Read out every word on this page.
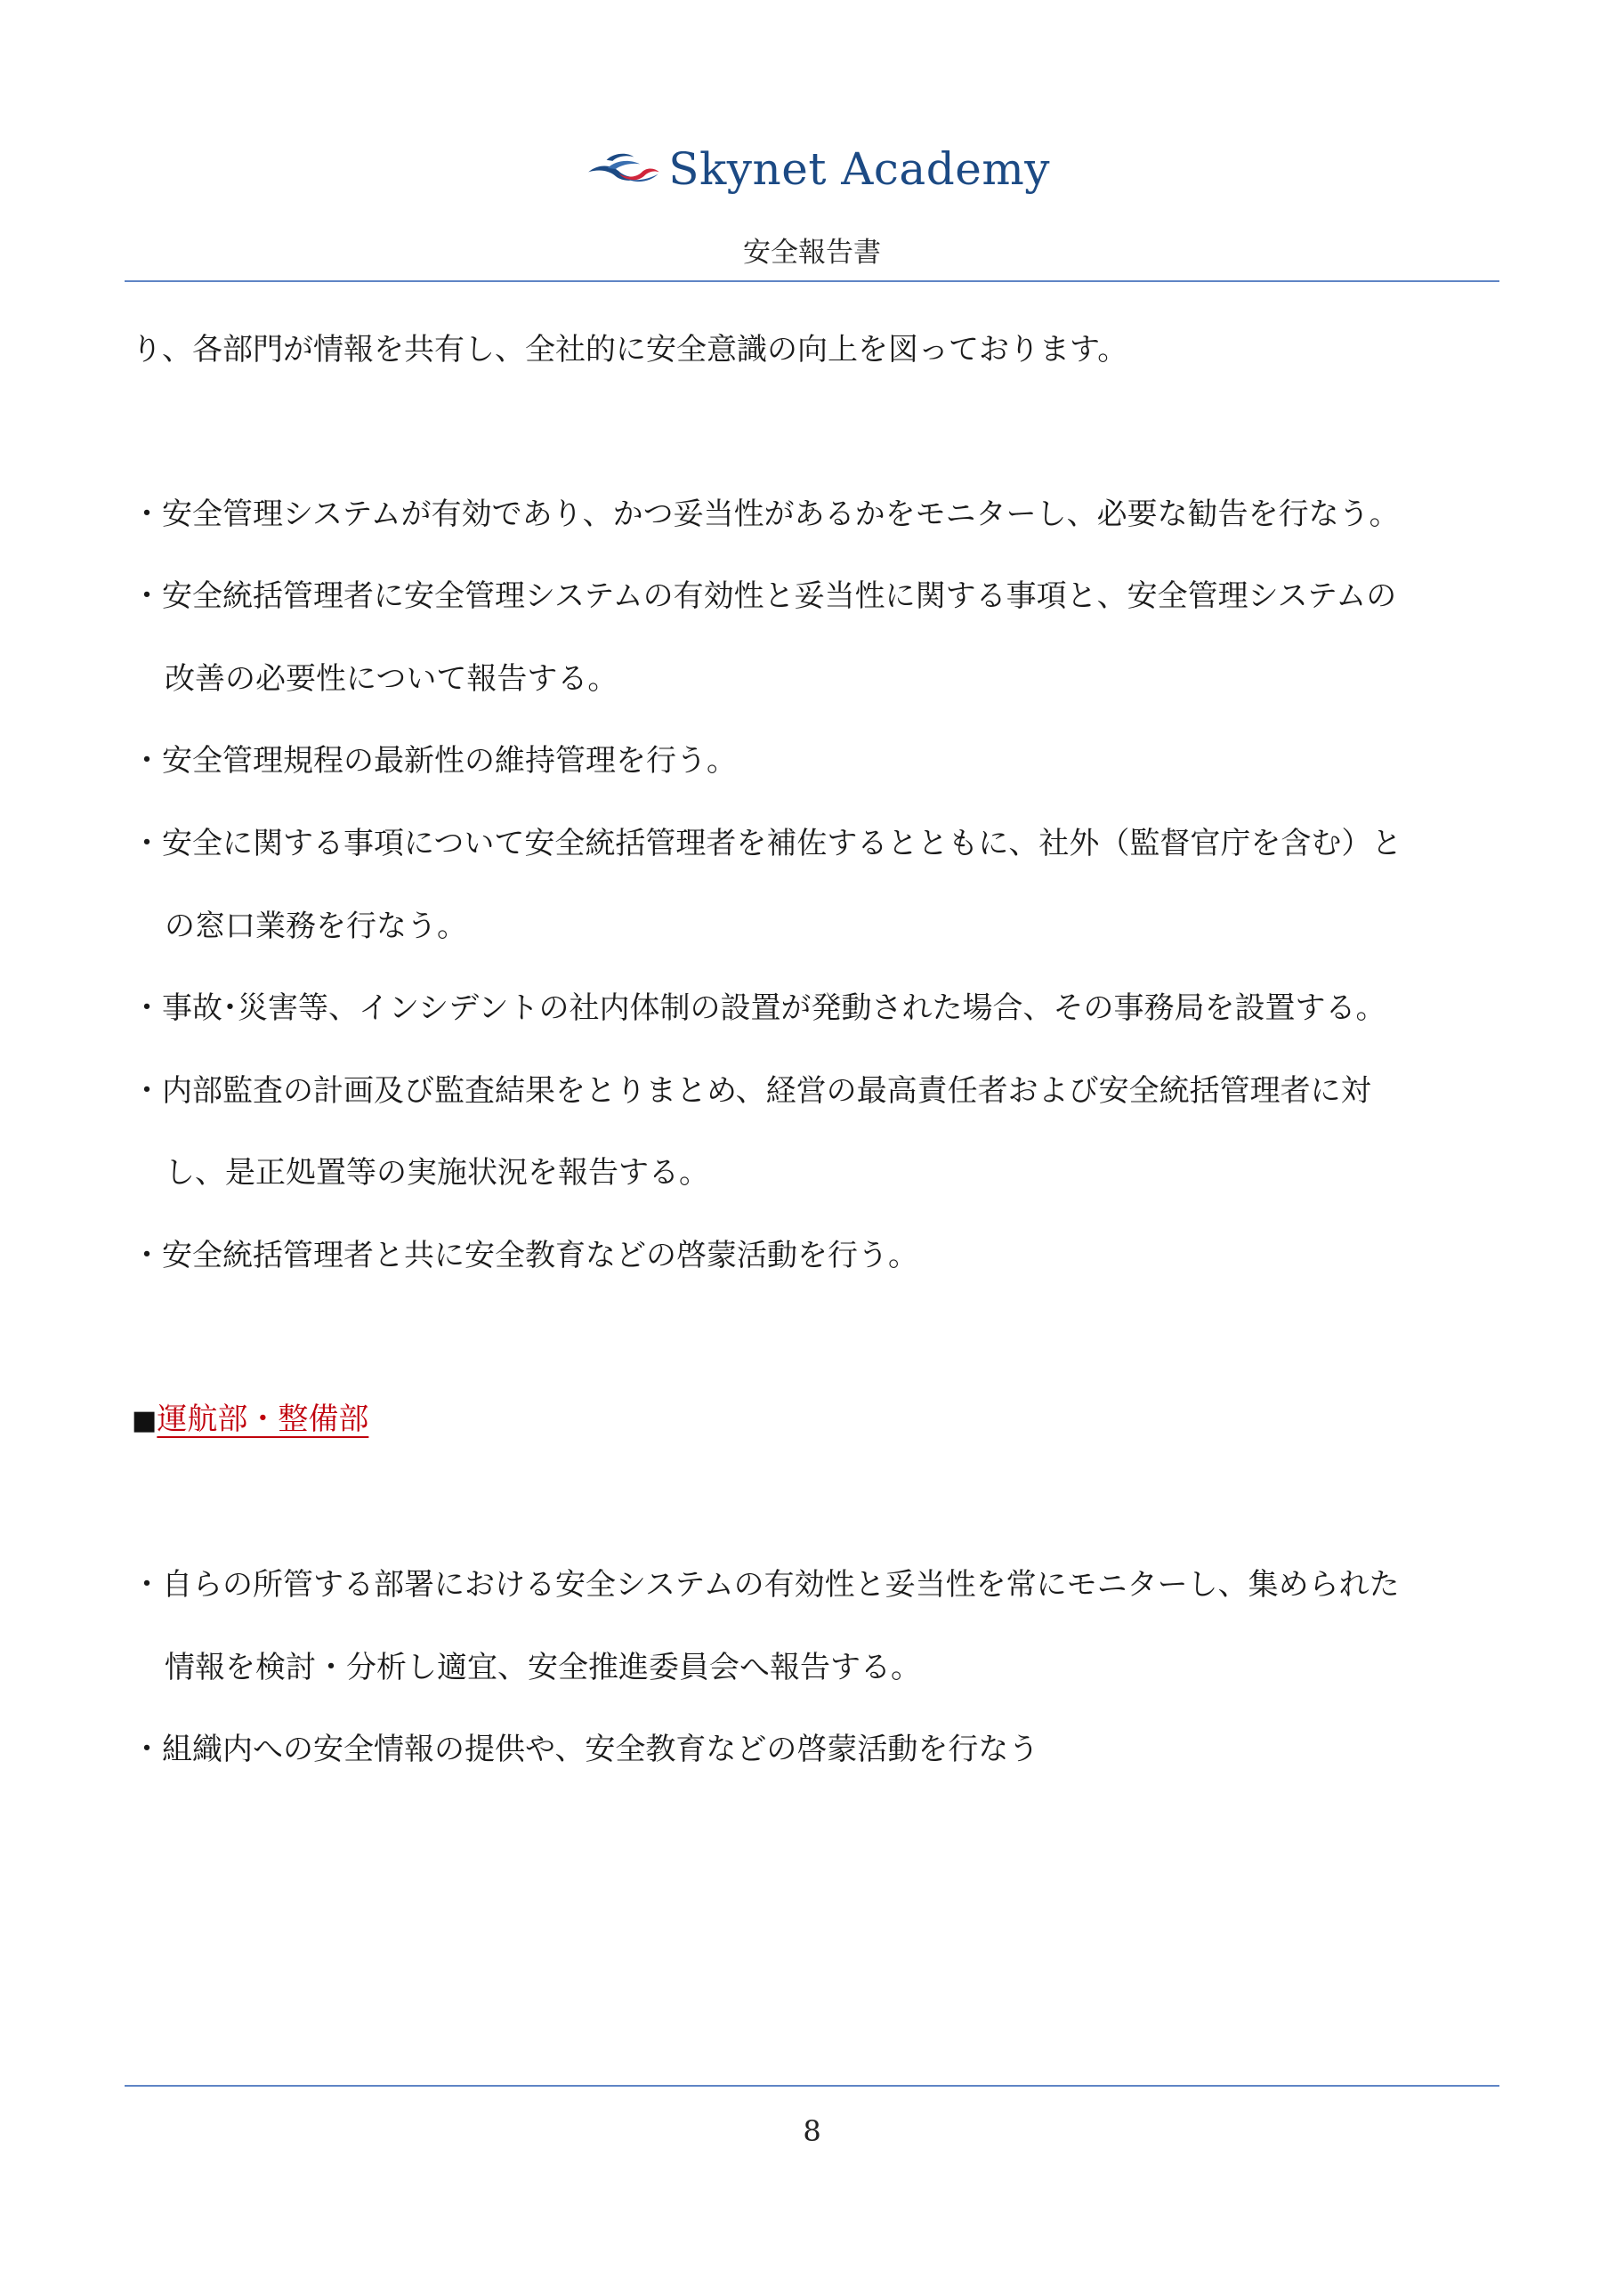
Skynet Academy
安全報告書
り、各部門が情報を共有し、全社的に安全意識の向上を図っております。
・安全管理システムが有効であり、かつ妥当性があるかをモニターし、必要な勧告を行なう。
・安全統括管理者に安全管理システムの有効性と妥当性に関する事項と、安全管理システムの
改善の必要性について報告する。
・安全管理規程の最新性の維持管理を行う。
・安全に関する事項について安全統括管理者を補佐するとともに、社外（監督官庁を含む）と
の窓口業務を行なう。
・事故･災害等、インシデントの社内体制の設置が発動された場合、その事務局を設置する。
・内部監査の計画及び監査結果をとりまとめ、経営の最高責任者および安全統括管理者に対
し、是正処置等の実施状況を報告する。
・安全統括管理者と共に安全教育などの啓蒙活動を行う。
■運航部・整備部
・自らの所管する部署における安全システムの有効性と妥当性を常にモニターし、集められた
情報を検討・分析し適宜、安全推進委員会へ報告する。
・組織内への安全情報の提供や、安全教育などの啓蒙活動を行なう
8
